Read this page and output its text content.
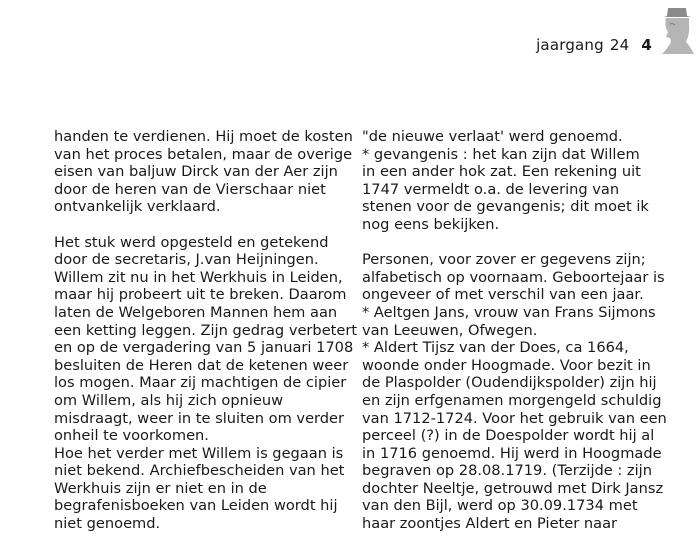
jaargang 24 4
handen te verdienen. Hij moet de kosten
van het proces betalen, maar de overige
eisen van baljuw Dirck van der Aer zijn
door de heren van de Vierschaar niet
ontvankelijk verklaard.
Het stuk werd opgesteld en getekend
door de secretaris, J.van Heijningen.
Willem zit nu in het Werkhuis in Leiden,
maar hij probeert uit te breken. Daarom
laten de Welgeboren Mannen hem aan
een ketting leggen. Zijn gedrag verbetert
en op de vergadering van 5 januari 1708
besluiten de Heren dat de ketenen weer
los mogen. Maar zij machtigen de cipier
om Willem, als hij zich opnieuw
misdraagt, weer in te sluiten om verder
onheil te voorkomen.
Hoe het verder met Willem is gegaan is
niet bekend. Archiefbescheiden van het
Werkhuis zijn er niet en in de
begrafenisboeken van Leiden wordt hij
niet genoemd.
"de nieuwe verlaat' werd genoemd.
* gevangenis : het kan zijn dat Willem
in een ander hok zat. Een rekening uit
1747 vermeldt o.a. de levering van
stenen voor de gevangenis; dit moet ik
nog eens bekijken.
Personen, voor zover er gegevens zijn;
alfabetisch op voornaam. Geboortejaar is
ongeveer of met verschil van een jaar.
* Aeltgen Jans, vrouw van Frans Sijmons
van Leeuwen, Ofwegen.
* Aldert Tijsz van der Does, ca 1664,
woonde onder Hoogmade. Voor bezit in
de Plaspolder (Oudendijkspolder) zijn hij
en zijn erfgenamen morgengeld schuldig
van 1712-1724. Voor het gebruik van een
perceel (?) in de Doespolder wordt hij al
in 1716 genoemd. Hij werd in Hoogmade
begraven op 28.08.1719. (Terzijde : zijn
dochter Neeltje, getrouwd met Dirk Jansz
van den Bijl, werd op 30.09.1734 met
haar zoontjes Aldert en Pieter naar
